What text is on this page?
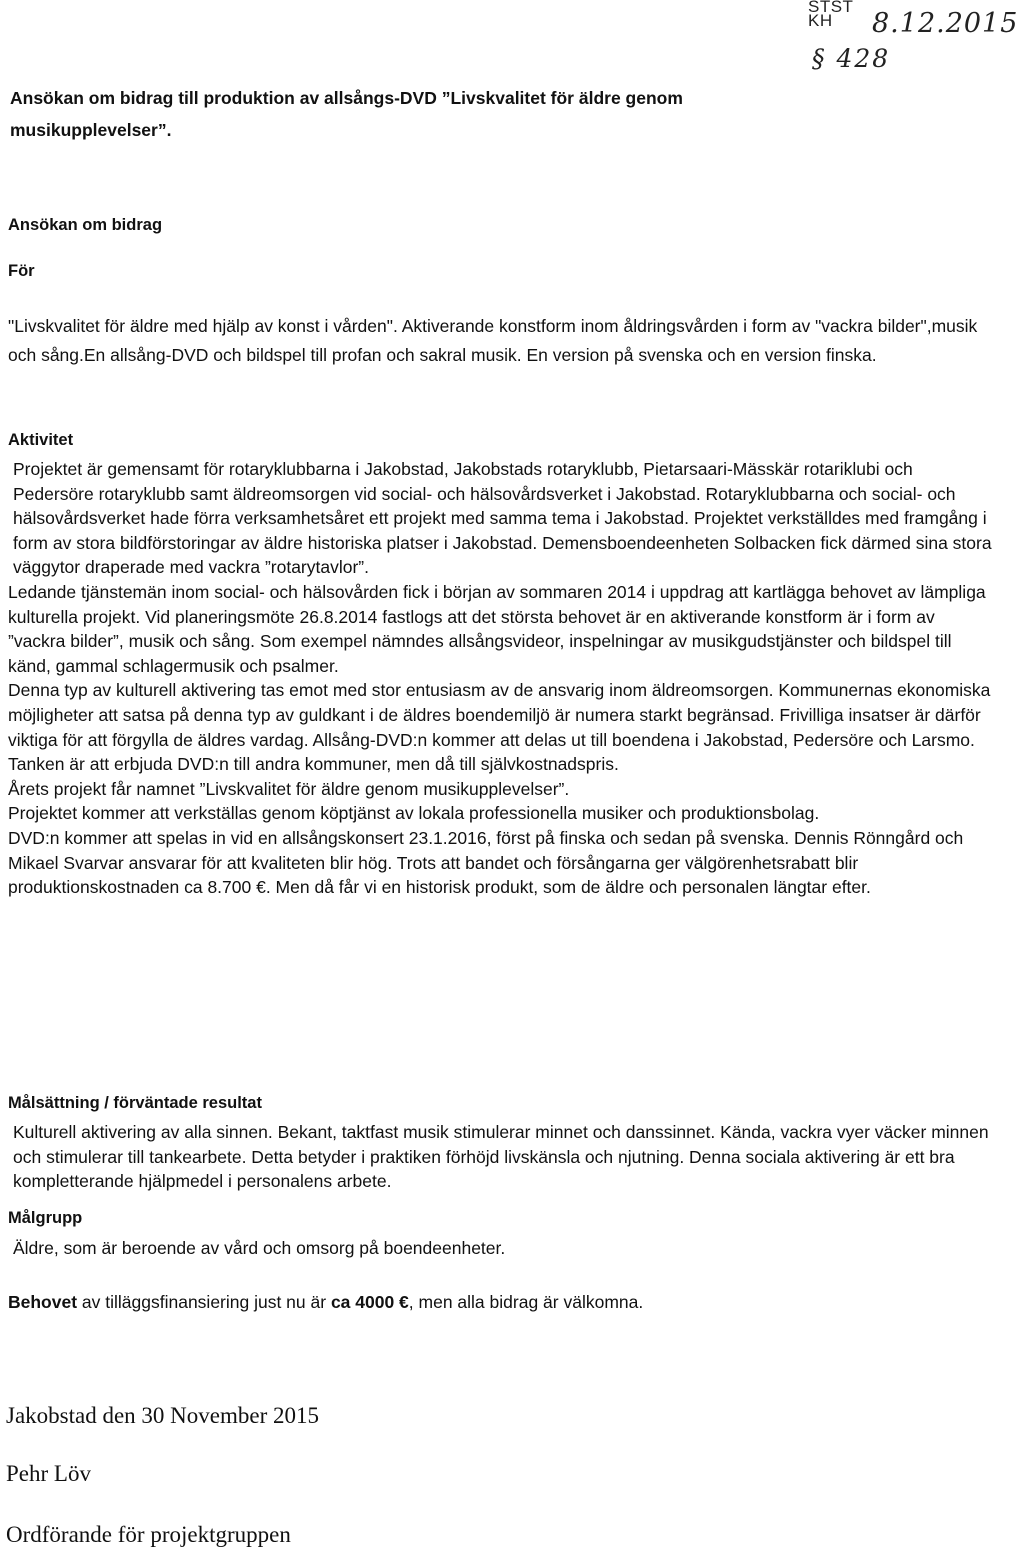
STST
KH	8.12.2015
§ 428
Ansökan om bidrag till produktion av allsångs-DVD ”Livskvalitet för äldre genom musikupplevelser”.
Ansökan om bidrag
För
"Livskvalitet för äldre med hjälp av konst i vården". Aktiverande konstform inom åldringsvården i form av "vackra bilder",musik och sång.En allsång-DVD och bildspel till profan och sakral musik. En version på svenska och en version finska.
Aktivitet

Projektet är gemensamt för rotaryklubbarna i Jakobstad, Jakobstads rotaryklubb, Pietarsaari-Mässkär rotariklubi och Pedersöre rotaryklubb samt äldreomsorgen vid social- och hälsovårdsverket i Jakobstad. Rotaryklubbarna och social- och hälsovårdsverket hade förra verksamhetsåret ett projekt med samma tema i Jakobstad. Projektet verkställdes med framgång i form av stora bildförstoringar av äldre historiska platser i Jakobstad. Demensboendeenheten Solbacken fick därmed sina stora väggytor draperade med vackra ”rotarytavlor”.

Ledande tjänstemän inom social- och hälsovården fick i början av sommaren 2014 i uppdrag att kartlägga behovet av lämpliga kulturella projekt. Vid planeringsmöte 26.8.2014 fastlogs att det största behovet är en aktiverande konstform är i form av ”vackra bilder”, musik och sång. Som exempel nämndes allsångsvideor, inspelningar av musikgudstjänster och bildspel till känd, gammal schlagermusik och psalmer.

Denna typ av kulturell aktivering tas emot med stor entusiasm av de ansvarig inom äldreomsorgen. Kommunernas ekonomiska möjligheter att satsa på denna typ av guldkant i de äldres boendemiljö är numera starkt begränsad. Frivilliga insatser är därför viktiga för att förgylla de äldres vardag. Allsång-DVD:n kommer att delas ut till boendena i Jakobstad, Pedersöre och Larsmo. Tanken är att erbjuda DVD:n till andra kommuner, men då till självkostnadspris.

Årets projekt får namnet ”Livskvalitet för äldre genom musikupplevelser”.

Projektet kommer att verkställas genom köptjänst av lokala professionella musiker och produktionsbolag.

DVD:n kommer att spelas in vid en allsångskonsert 23.1.2016, först på finska och sedan på svenska. Dennis Rönngård och Mikael Svarvar ansvarar för att kvaliteten blir hög. Trots att bandet och försångarna ger välgörenhetsrabatt blir produktionskostnaden ca 8.700 €. Men då får vi en historisk produkt, som de äldre och personalen längtar efter.

Målsättning / förväntade resultat
Kulturell aktivering av alla sinnen. Bekant, taktfast musik stimulerar minnet och danssinnet. Kända, vackra vyer väcker minnen och stimulerar till tankearbete. Detta betyder i praktiken förhöjd livskänsla och njutning. Denna sociala aktivering är ett bra kompletterande hjälpmedel i personalens arbete.
Målgrupp
Äldre, som är beroende av vård och omsorg på boendeenheter.
Behovet av tilläggsfinansiering just nu är ca 4000 €, men alla bidrag är välkomna.
Jakobstad den 30 November 2015
Pehr Löv
Ordförande för projektgruppen
